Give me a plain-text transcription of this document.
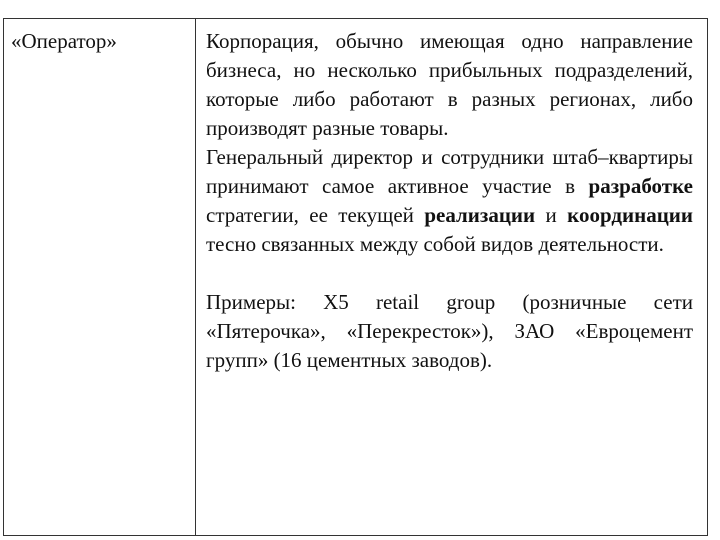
«Оператор»	Корпорация, обычно имеющая одно направление бизнеса, но несколько прибыльных подразделений, которые либо работают в разных регионах, либо производят разные товары.

Генеральный директор и сотрудники штаб–квартиры принимают самое активное участие в разработке стратегии, ее текущей реализации и координации тесно связанных между собой видов деятельности.

Примеры: X5 retail group (розничные сети «Пятерочка», «Перекресток»), ЗАО «Евроцемент групп» (16 цементных заводов).
